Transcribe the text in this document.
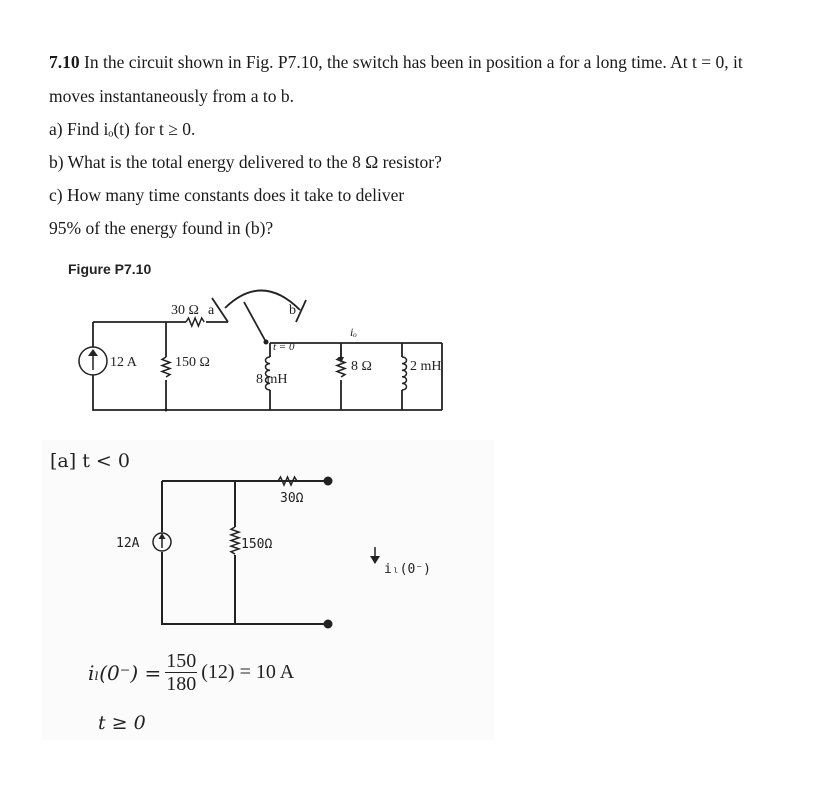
7.10 In the circuit shown in Fig. P7.10, the switch has been in position a for a long time. At t = 0, it
moves instantaneously from a to b.
a) Find iₒ(t) for t ≥ 0.
b) What is the total energy delivered to the 8 Ω resistor?
c) How many time constants does it take to deliver
95% of the energy found in (b)?
Figure P7.10
12 A	150 Ω
30 Ω a	b
t = 0
8 mH
iₒ
8 Ω	2 mH
[a] t < 0
12A
30Ω
150Ω
iₗ(0⁻)
$i_l(0^-) = \frac{150}{180} (12) = 10$ A
t ≥ 0
